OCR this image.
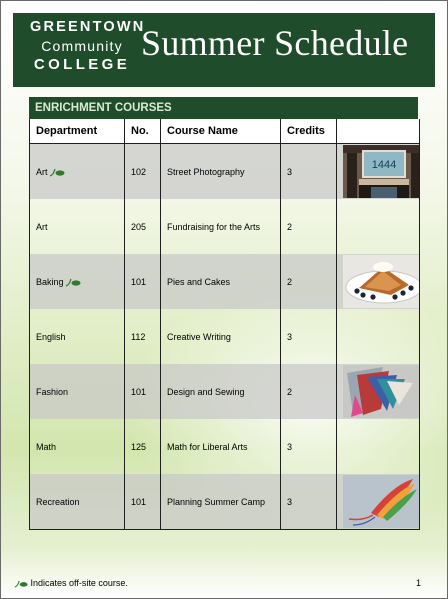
GREENTOWN
Community
COLLEGE
Summer Schedule
ENRICHMENT COURSES
Department	No.	Course Name	Credits	
Art	102	Street Photography	3	1444

Art	205	Fundraising for the Arts	2	
Baking	101	Pies and Cakes	2	

English	112	Creative Writing	3	
Fashion	101	Design and Sewing	2	

Math	125	Math for Liberal Arts	3	
Recreation	101	Planning Summer Camp	3	
Indicates off-site course.	1
